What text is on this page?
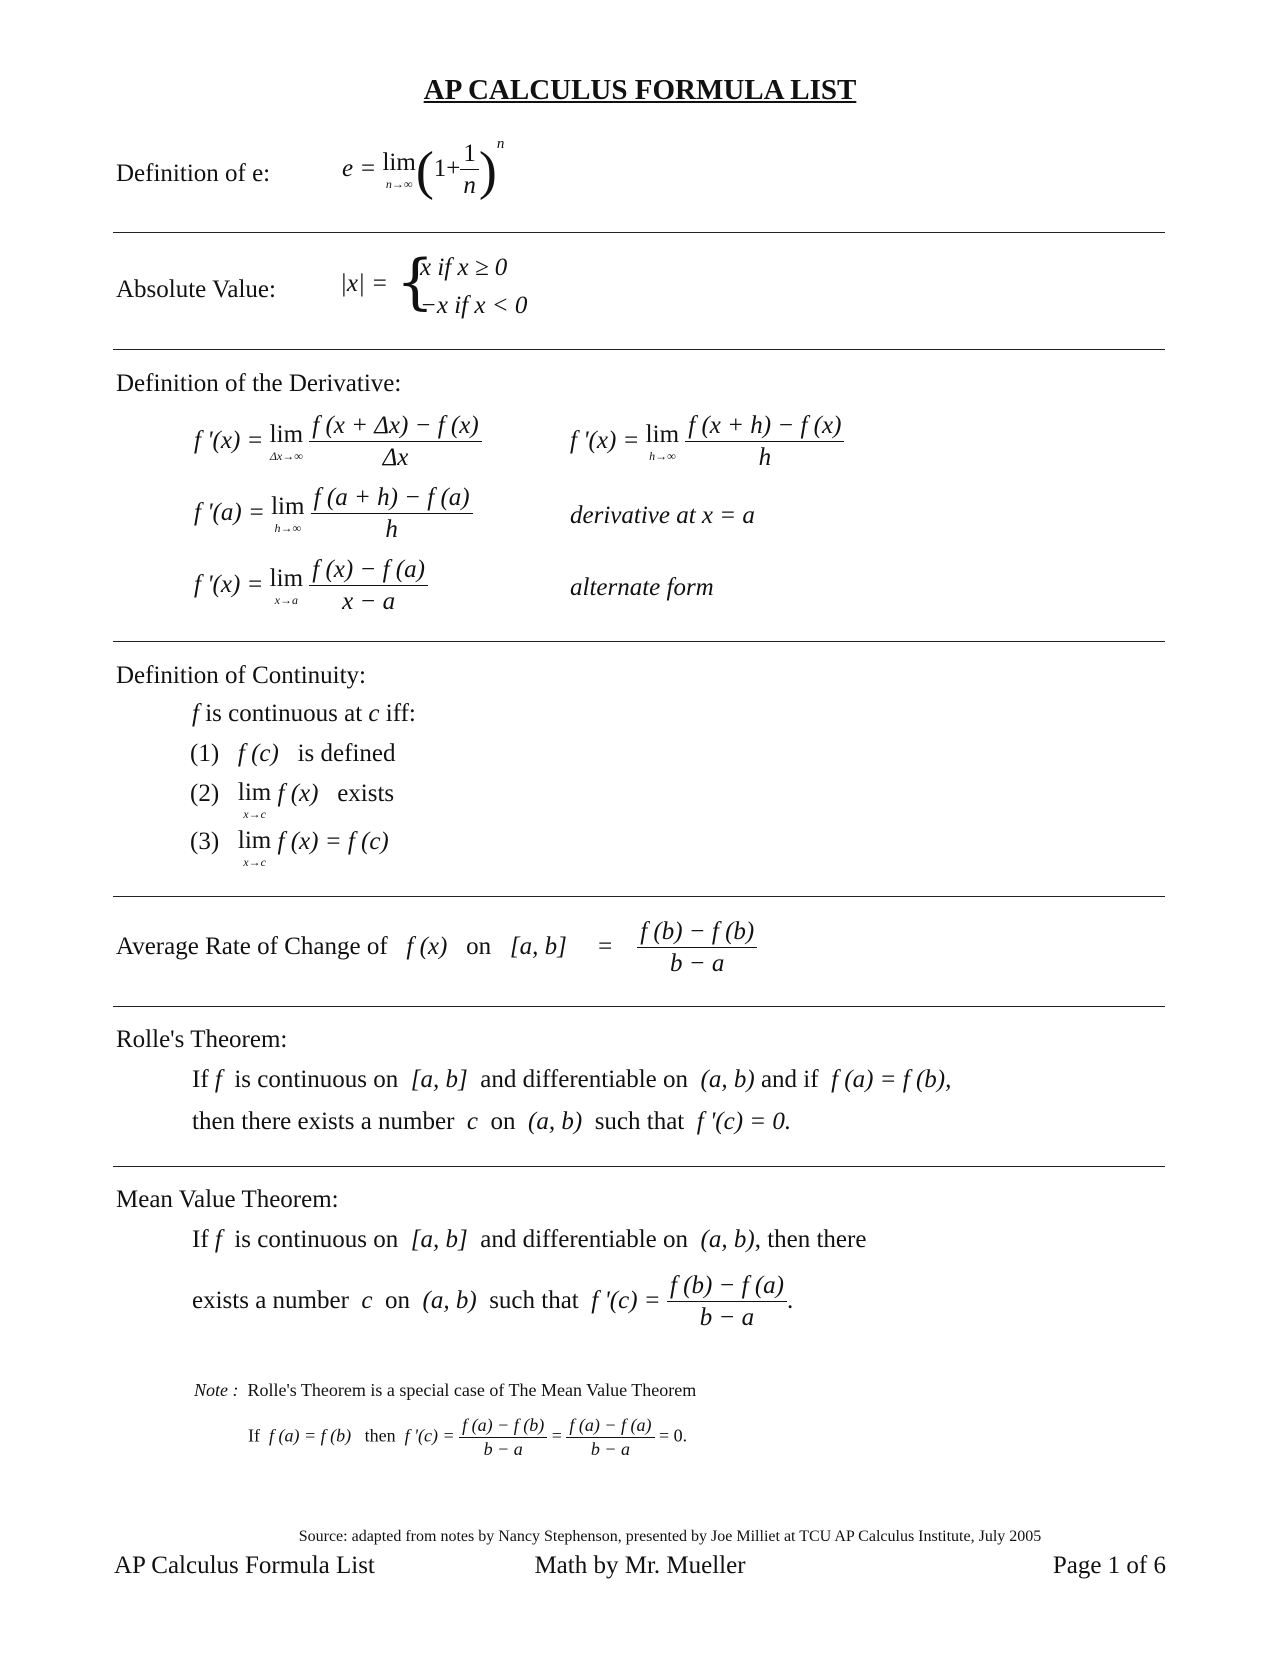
AP CALCULUS FORMULA LIST
Definition of e:	e = lim
n→∞ $(1+ \frac{1}{n} )^n$
Absolute Value:	|x| = {
x if x ≥ 0
−x if x < 0
Definition of the Derivative:
f '(x) = lim
Δx→∞
$\frac{f (x + \Delta x) - f (x)}{\Delta x}$	f '(x) = lim
h→∞
$\frac{f (x + h) - f (x)}{h}$
f '(a) = lim
h→∞
$\frac{f (a + h) - f (a)}{h}$	derivative at x = a
f '(x) = lim
x→a
$\frac{f (x) - f (a)}{x - a}$	alternate form
Definition of Continuity:
f is continuous at c iff:
(1) f (c) is defined
(2) lim
x→c
f (x) exists
(3) lim
x→c
f (x) = f (c)
Average Rate of Change of f (x) on [a, $b] = \frac{f (b) - f (b)}{b - a}$
Rolle's Theorem:
If f is continuous on [a, b] and differentiable on (a, b) and if f (a) = f (b),
then there exists a number c on (a, b) such that f '(c) = 0.
Mean Value Theorem:
If f is continuous on [a, b] and differentiable on (a, b), then there
exists a number c on (a, b) such that f '$(c) = \frac{f (b) - f (a)}{b - a}$ .
Note : Rolle's Theorem is a special case of The Mean Value Theorem
If f (a) = f (b) then f '$(c) = \frac{f (a) - f (b)}{b - a} = \frac{f (a) - f (a)}{b - a} = 0$.
Source: adapted from notes by Nancy Stephenson, presented by Joe Milliet at TCU AP Calculus Institute, July 2005
AP Calculus Formula List	Math by Mr. Mueller	Page 1 of 6
